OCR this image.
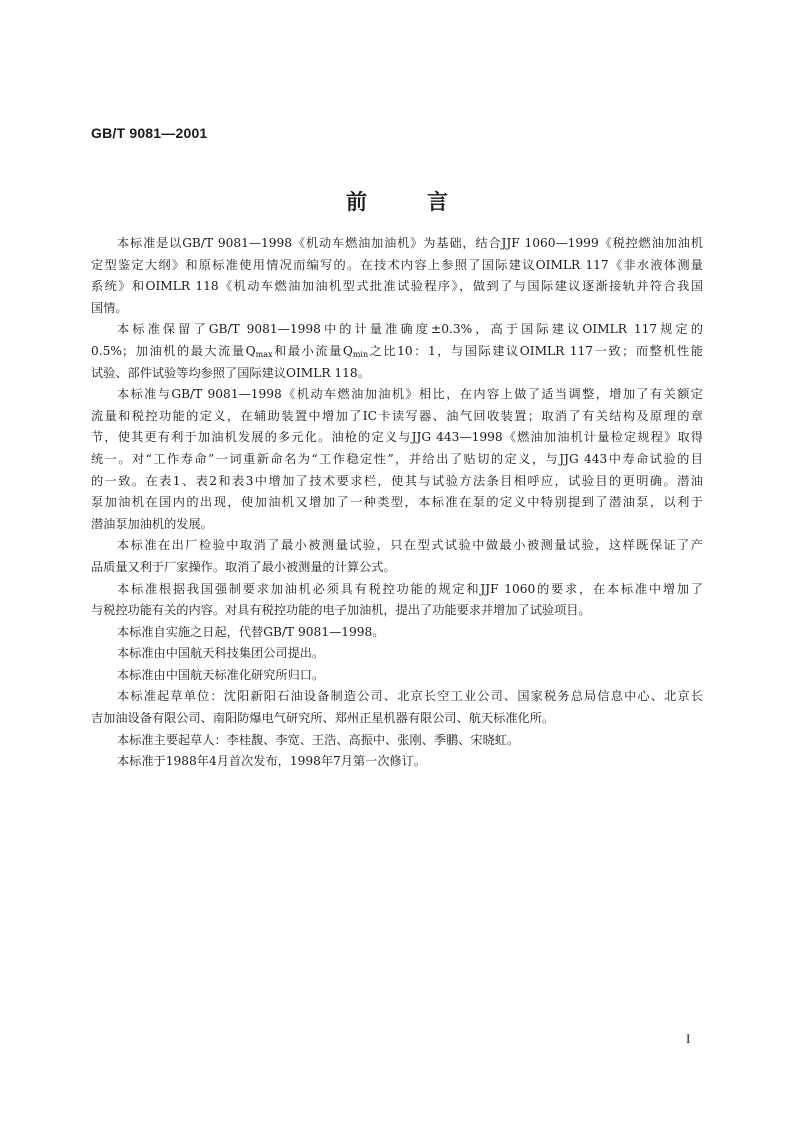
GB/T 9081—2001
前言
本标准是以GB/T 9081—1998《机动车燃油加油机》为基础，结合JJF 1060—1999《税控燃油加油机
定型鉴定大纲》和原标准使用情况而编写的。在技术内容上参照了国际建议OIMLR 117《非水液体测量
系统》和OIMLR 118《机动车燃油加油机型式批准试验程序》，做到了与国际建议逐渐接轨并符合我国
国情。
本标准保留了GB/T 9081—1998中的计量准确度±0.3%，高于国际建议OIMLR 117规定的
0.5%；加油机的最大流量$Q_{max}$和最小流量$Q_{min}$之比10：1，与国际建议OIMLR 117一致；而整机性能
试验、部件试验等均参照了国际建议OIMLR 118。
本标准与GB/T 9081—1998《机动车燃油加油机》相比，在内容上做了适当调整，增加了有关额定
流量和税控功能的定义，在辅助装置中增加了IC卡读写器、油气回收装置；取消了有关结构及原理的章
节，使其更有利于加油机发展的多元化。油枪的定义与JJG 443—1998《燃油加油机计量检定规程》取得
统一。对“工作寿命”一词重新命名为“工作稳定性”，并给出了贴切的定义，与JJG 443中寿命试验的目
的一致。在表1、表2和表3中增加了技术要求栏，使其与试验方法条目相呼应，试验目的更明确。潜油
泵加油机在国内的出现，使加油机又增加了一种类型，本标准在泵的定义中特别提到了潜油泵，以利于
潜油泵加油机的发展。
本标准在出厂检验中取消了最小被测量试验，只在型式试验中做最小被测量试验，这样既保证了产
品质量又利于厂家操作。取消了最小被测量的计算公式。
本标准根据我国强制要求加油机必须具有税控功能的规定和JJF 1060的要求，在本标准中增加了
与税控功能有关的内容。对具有税控功能的电子加油机，提出了功能要求并增加了试验项目。
本标准自实施之日起，代替GB/T 9081—1998。
本标准由中国航天科技集团公司提出。
本标准由中国航天标准化研究所归口。
本标准起草单位：沈阳新阳石油设备制造公司、北京长空工业公司、国家税务总局信息中心、北京长
吉加油设备有限公司、南阳防爆电气研究所、郑州正星机器有限公司、航天标准化所。
本标准主要起草人：李桂馥、李宽、王浩、高振中、张刚、季鹏、宋晓虹。
本标准于1988年4月首次发布，1998年7月第一次修订。
I
